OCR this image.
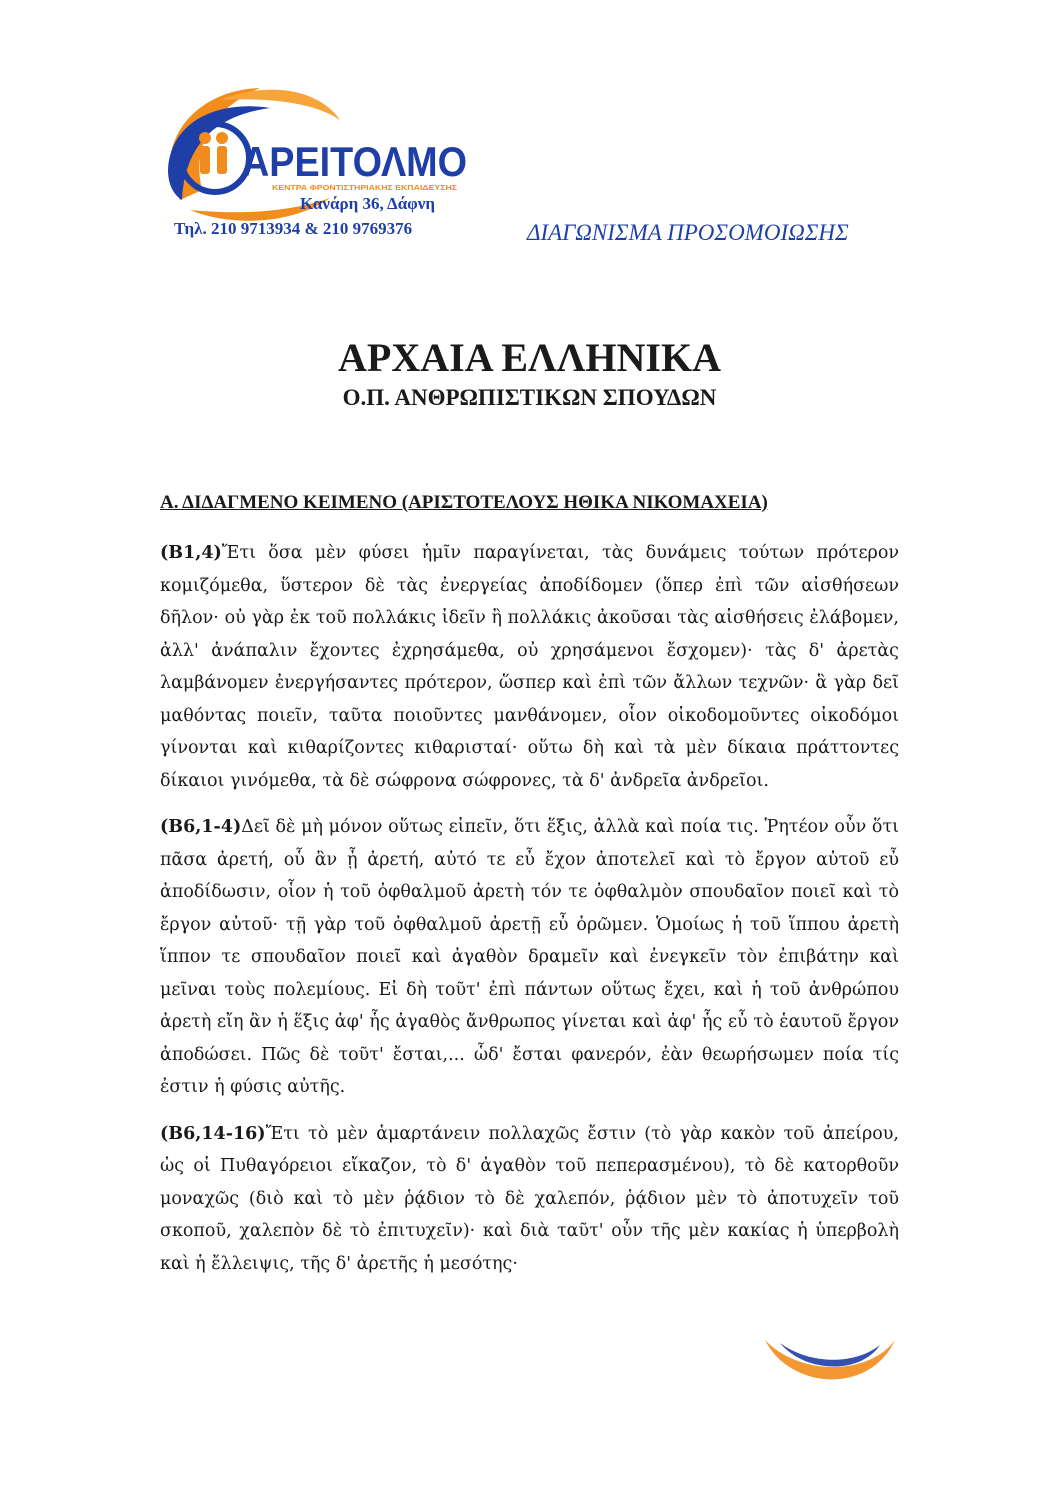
ΑΡΕΙΤΟΛΜΟ
ΚΕΝΤΡΑ ΦΡΟΝΤΙΣΤΗΡΙΑΚΗΣ ΕΚΠΑΙΔΕΥΣΗΣ
Κανάρη 36, Δάφνη
Τηλ. 210 9713934 & 210 9769376	ΔΙΑΓΩΝΙΣΜΑ ΠΡΟΣΟΜΟΙΩΣΗΣ
ΑΡΧΑΙΑ ΕΛΛΗΝΙΚΑ
Ο.Π. ΑΝΘΡΩΠΙΣΤΙΚΩΝ ΣΠΟΥΔΩΝ
Α. ΔΙΔΑΓΜΕΝΟ ΚΕΙΜΕΝΟ (ΑΡΙΣΤΟΤΕΛΟΥΣ ΗΘΙΚΑ ΝΙΚΟΜΑΧΕΙΑ)

(Β1,4)Ἔτι ὅσα μὲν φύσει ἡμῖν παραγίνεται, τὰς δυνάμεις τούτων πρότερον κομιζόμεθα, ὕστερον δὲ τὰς ἐνεργείας ἀποδίδομεν (ὅπερ ἐπὶ τῶν αἰσθήσεων δῆλον· οὐ γὰρ ἐκ τοῦ πολλάκις ἰδεῖν ἢ πολλάκις ἀκοῦσαι τὰς αἰσθήσεις ἐλάβομεν, ἀλλ' ἀνάπαλιν ἔχοντες ἐχρησάμεθα, οὐ χρησάμενοι ἔσχομεν)· τὰς δ' ἀρετὰς λαμβάνομεν ἐνεργήσαντες πρότερον, ὥσπερ καὶ ἐπὶ τῶν ἄλλων τεχνῶν· ἃ γὰρ δεῖ μαθόντας ποιεῖν, ταῦτα ποιοῦντες μανθάνομεν, οἷον οἰκοδομοῦντες οἰκοδόμοι γίνονται καὶ κιθαρίζοντες κιθαρισταί· οὕτω δὴ καὶ τὰ μὲν δίκαια πράττοντες δίκαιοι γινόμεθα, τὰ δὲ σώφρονα σώφρονες, τὰ δ' ἀνδρεῖα ἀνδρεῖοι.

(Β6,1-4)Δεῖ δὲ μὴ μόνον οὕτως εἰπεῖν, ὅτι ἕξις, ἀλλὰ καὶ ποία τις. Ῥητέον οὖν ὅτι πᾶσα ἀρετή, οὗ ἂν ᾖ ἀρετή, αὐτό τε εὖ ἔχον ἀποτελεῖ καὶ τὸ ἔργον αὐτοῦ εὖ ἀποδίδωσιν, οἷον ἡ τοῦ ὀφθαλμοῦ ἀρετὴ τόν τε ὀφθαλμὸν σπουδαῖον ποιεῖ καὶ τὸ ἔργον αὐτοῦ· τῇ γὰρ τοῦ ὀφθαλμοῦ ἀρετῇ εὖ ὁρῶμεν. Ὁμοίως ἡ τοῦ ἵππου ἀρετὴ ἵππον τε σπουδαῖον ποιεῖ καὶ ἀγαθὸν δραμεῖν καὶ ἐνεγκεῖν τὸν ἐπιβάτην καὶ μεῖναι τοὺς πολεμίους. Εἰ δὴ τοῦτ' ἐπὶ πάντων οὕτως ἔχει, καὶ ἡ τοῦ ἀνθρώπου ἀρετὴ εἴη ἂν ἡ ἕξις ἀφ' ἧς ἀγαθὸς ἄνθρωπος γίνεται καὶ ἀφ' ἧς εὖ τὸ ἑαυτοῦ ἔργον ἀποδώσει. Πῶς δὲ τοῦτ' ἔσται,... ὧδ' ἔσται φανερόν, ἐὰν θεωρήσωμεν ποία τίς ἐστιν ἡ φύσις αὐτῆς.

(Β6,14-16)Ἔτι τὸ μὲν ἁμαρτάνειν πολλαχῶς ἔστιν (τὸ γὰρ κακὸν τοῦ ἀπείρου, ὡς οἱ Πυθαγόρειοι εἴκαζον, τὸ δ' ἀγαθὸν τοῦ πεπερασμένου), τὸ δὲ κατορθοῦν μοναχῶς (διὸ καὶ τὸ μὲν ῥᾴδιον τὸ δὲ χαλεπόν, ῥᾴδιον μὲν τὸ ἀποτυχεῖν τοῦ σκοποῦ, χαλεπὸν δὲ τὸ ἐπιτυχεῖν)· καὶ διὰ ταῦτ' οὖν τῆς μὲν κακίας ἡ ὑπερβολὴ καὶ ἡ ἔλλειψις, τῆς δ' ἀρετῆς ἡ μεσότης·
